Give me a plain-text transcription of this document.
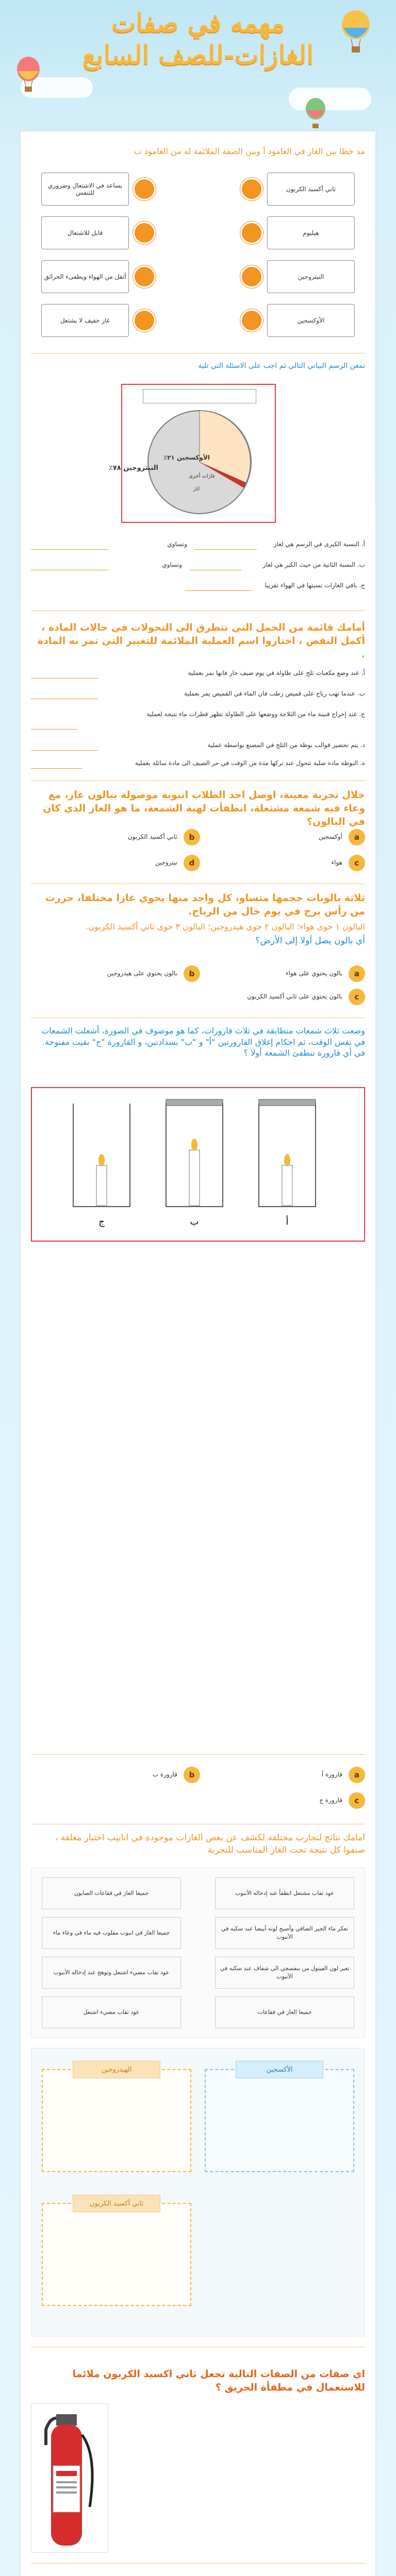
مهمه في صفات
الغازات-للصف السابع
مد خطا بين الغاز في العامود أ وبين الصفة الملائمة له من العامود ب
ثاني أكسيد الكربون
يساعد في الاشتعال وضروري للتنفس
هيليوم
قابل للاشتعال
النيتروجين
أثقل من الهواء ويطفىء الحرائق
الأوكسجين
غاز خفيف لا يشتعل
تمعن الرسم البياني التالي ثم اجب على الاسئلة التي تليه
النيتروجين ٧٨٪
الأوكسجين ٢١٪
غازات أخرى
آثار
أ. النسبة الكبرى في الرسم هي لغاز
وتساوي
ب. النسبة الثانية من حيث الكبر هي لغاز
وتساوي
ج. باقي الغازات نسبتها في الهواء تقريبا
أمامك قائمة من الجمل التي تتطرق الى التحولات في حالات المادة ، أكمل النقص ، اختاروا اسم العملية الملائمة للتغيير التي تمر به المادة .
أ. عند وضع مكعبات ثلج على طاولة في يوم صيف حار فانها تمر بعملية
ب. عندما تهب رياح على قميص رطب فان الماء في القميص يمر بعملية
ج. عند إخراج قنينة ماء من الثلاجة ووضعها على الطاولة تظهر قطرات ماء نتيجة لعملية
د. يتم تحضير قوالب بوظة من الثلج في المصنع بواسطة عملية
ه. البوظة مادة صلبة تتحول عند تركها مدة من الوقت في حر الصيف الى مادة سائلة بعملية
خلال تجربة معينة، اوصل احد الطلاب انبوبة موصولة ببالون غاز، مع وعاء فيه شمعة مشتعلة، انطفأت لهبة الشمعة، ما هو الغاز الذي كان في البالون؟
a
أوكسجين
b
ثاني أكسيد الكربون
c
هواء
d
نيتروجين
ثلاثة بالونات حجمها متساو، كل واحد منها يحوي غازا مختلفا، حررت من رأس برج في يوم خال من الرياح.
البالون ١ حوى هواء؛ البالون ٢ حوى هيدروجين؛ البالون ٣ حوى ثاني أكسيد الكربون.
أي بالون يصل أولا إلى الأرض؟
a
بالون يحتوي على هواء
b
بالون يحتوي على هيدروجين
c
بالون يحتوي على ثاني أكسيد الكربون
وضعت ثلاث شمعات متطابقة في ثلاث قارورات، كما هو موصوف في الصورة، أشعلت الشمعات في نفس الوقت، ثم احكام إغلاق القارورتين "أ" و "ب" بسدادتين، و القارورة "ج" بقيت مفتوحة.
في أي قارورة تنطفئ الشمعة أولا ؟
أ
ب
ج
a
قارورة أ
b
قارورة ب
c
قارورة ج
امامك نتائج لتجارب مختلفة لكشف عن بعض الغازات موجودة في انابيب اختبار مغلقة ، صنفوا كل نتيجة تحت الغاز المناسب للتجربة
عود ثقاب مشتعل انطفأ عند إدخاله الأنبوب
جميعا الغاز في فقاعات الصابون
تعكر ماء الجير الصافي وأصبح لونه أبيضا عند سكبه في الأنبوب
جميعا الغاز في انبوب مقلوب فيه ماء في وعاء ماء
تغير لون الفينول من بنفسجي الى شفاف عند سكبه في الأنبوب
عود ثقاب مضيء اشتعل وتوهج عند إدخاله الأنبوب
جميعا الغاز في فقاعات
عود ثقاب مضيء اشتعل
الأكسجين
الهيدروجين
ثاني أكسيد الكربون
اي صفات من الصفات التالية تجعل ثاني اكسيد الكربون ملائما للاستعمال في مطفأة الحريق ؟
